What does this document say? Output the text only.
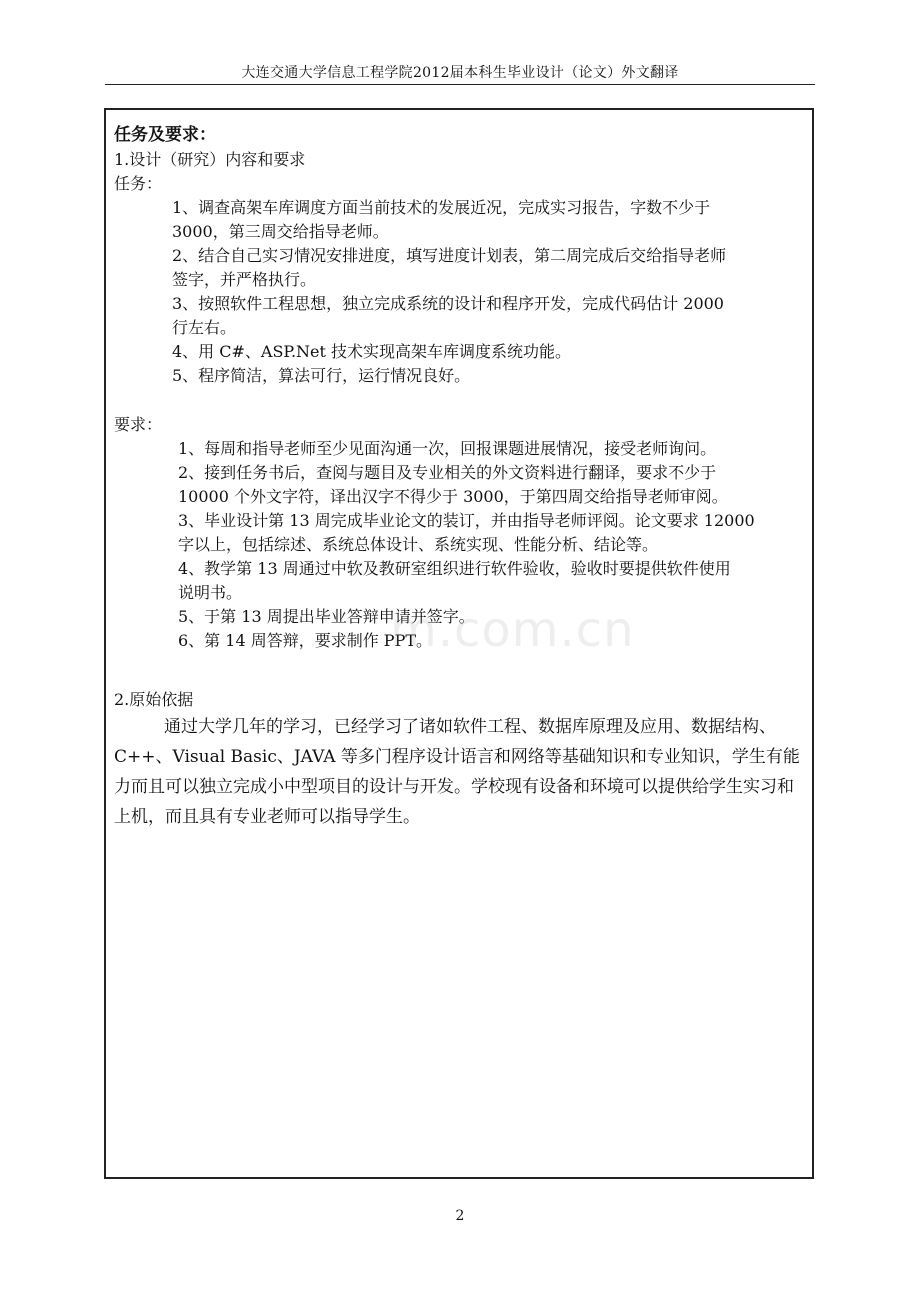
大连交通大学信息工程学院2012届本科生毕业设计（论文）外文翻译

任务及要求：

1.设计（研究）内容和要求

任务：

1、调查高架车库调度方面当前技术的发展近况，完成实习报告，字数不少于

3000，第三周交给指导老师。

2、结合自己实习情况安排进度，填写进度计划表，第二周完成后交给指导老师

签字，并严格执行。

3、按照软件工程思想，独立完成系统的设计和程序开发，完成代码估计 2000

行左右。

4、用 C#、ASP.Net 技术实现高架车库调度系统功能。

5、程序简洁，算法可行，运行情况良好。

要求：

1、每周和指导老师至少见面沟通一次，回报课题进展情况，接受老师询问。

2、接到任务书后，查阅与题目及专业相关的外文资料进行翻译，要求不少于

10000 个外文字符，译出汉字不得少于 3000，于第四周交给指导老师审阅。

3、毕业设计第 13 周完成毕业论文的装订，并由指导老师评阅。论文要求 12000

字以上，包括综述、系统总体设计、系统实现、性能分析、结论等。

4、教学第 13 周通过中软及教研室组织进行软件验收，验收时要提供软件使用

说明书。

5、于第 13 周提出毕业答辩申请并签字。

6、第 14 周答辩，要求制作 PPT。

2.原始依据

通过大学几年的学习，已经学习了诸如软件工程、数据库原理及应用、数据结构、C++、Visual Basic、JAVA 等多门程序设计语言和网络等基础知识和专业知识，学生有能力而且可以独立完成小中型项目的设计与开发。学校现有设备和环境可以提供给学生实习和上机，而且具有专业老师可以指导学生。

m.com.cn
2
